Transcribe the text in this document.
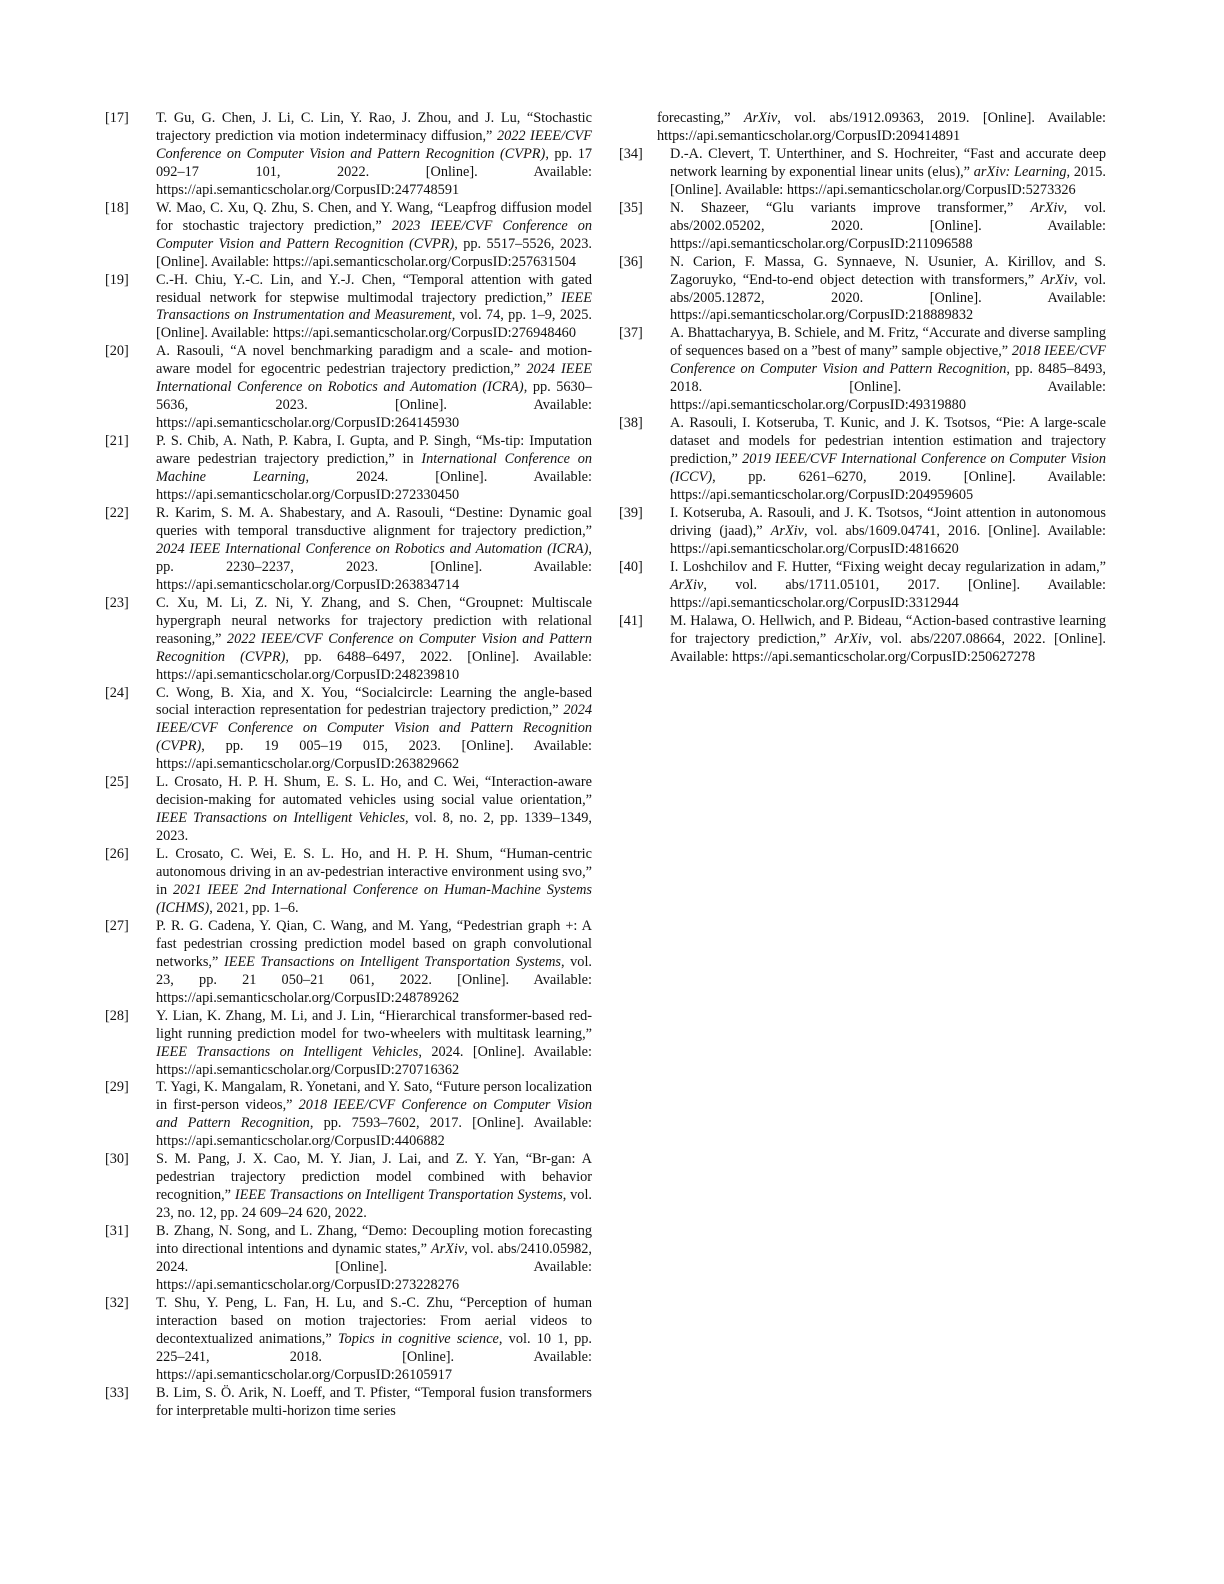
[17] T. Gu, G. Chen, J. Li, C. Lin, Y. Rao, J. Zhou, and J. Lu, “Stochastic trajectory prediction via motion indeterminacy diffusion,” 2022 IEEE/CVF Conference on Computer Vision and Pattern Recognition (CVPR), pp. 17 092–17 101, 2022. [Online]. Available: https://api.semanticscholar.org/CorpusID:247748591
[18] W. Mao, C. Xu, Q. Zhu, S. Chen, and Y. Wang, “Leapfrog diffusion model for stochastic trajectory prediction,” 2023 IEEE/CVF Conference on Computer Vision and Pattern Recognition (CVPR), pp. 5517–5526, 2023. [Online]. Available: https://api.semanticscholar.org/CorpusID:257631504
[19] C.-H. Chiu, Y.-C. Lin, and Y.-J. Chen, “Temporal attention with gated residual network for stepwise multimodal trajectory prediction,” IEEE Transactions on Instrumentation and Measurement, vol. 74, pp. 1–9, 2025. [Online]. Available: https://api.semanticscholar.org/CorpusID:276948460
[20] A. Rasouli, “A novel benchmarking paradigm and a scale- and motion-aware model for egocentric pedestrian trajectory prediction,” 2024 IEEE International Conference on Robotics and Automation (ICRA), pp. 5630–5636, 2023. [Online]. Available: https://api.semanticscholar.org/CorpusID:264145930
[21] P. S. Chib, A. Nath, P. Kabra, I. Gupta, and P. Singh, “Ms-tip: Imputation aware pedestrian trajectory prediction,” in International Conference on Machine Learning, 2024. [Online]. Available: https://api.semanticscholar.org/CorpusID:272330450
[22] R. Karim, S. M. A. Shabestary, and A. Rasouli, “Destine: Dynamic goal queries with temporal transductive alignment for trajectory prediction,” 2024 IEEE International Conference on Robotics and Automation (ICRA), pp. 2230–2237, 2023. [Online]. Available: https://api.semanticscholar.org/CorpusID:263834714
[23] C. Xu, M. Li, Z. Ni, Y. Zhang, and S. Chen, “Groupnet: Multiscale hypergraph neural networks for trajectory prediction with relational reasoning,” 2022 IEEE/CVF Conference on Computer Vision and Pattern Recognition (CVPR), pp. 6488–6497, 2022. [Online]. Available: https://api.semanticscholar.org/CorpusID:248239810
[24] C. Wong, B. Xia, and X. You, “Socialcircle: Learning the angle-based social interaction representation for pedestrian trajectory prediction,” 2024 IEEE/CVF Conference on Computer Vision and Pattern Recognition (CVPR), pp. 19 005–19 015, 2023. [Online]. Available: https://api.semanticscholar.org/CorpusID:263829662
[25] L. Crosato, H. P. H. Shum, E. S. L. Ho, and C. Wei, “Interaction-aware decision-making for automated vehicles using social value orientation,” IEEE Transactions on Intelligent Vehicles, vol. 8, no. 2, pp. 1339–1349, 2023.
[26] L. Crosato, C. Wei, E. S. L. Ho, and H. P. H. Shum, “Human-centric autonomous driving in an av-pedestrian interactive environment using svo,” in 2021 IEEE 2nd International Conference on Human-Machine Systems (ICHMS), 2021, pp. 1–6.
[27] P. R. G. Cadena, Y. Qian, C. Wang, and M. Yang, “Pedestrian graph +: A fast pedestrian crossing prediction model based on graph convolutional networks,” IEEE Transactions on Intelligent Transportation Systems, vol. 23, pp. 21 050–21 061, 2022. [Online]. Available: https://api.semanticscholar.org/CorpusID:248789262
[28] Y. Lian, K. Zhang, M. Li, and J. Lin, “Hierarchical transformer-based red-light running prediction model for two-wheelers with multitask learning,” IEEE Transactions on Intelligent Vehicles, 2024. [Online]. Available: https://api.semanticscholar.org/CorpusID:270716362
[29] T. Yagi, K. Mangalam, R. Yonetani, and Y. Sato, “Future person localization in first-person videos,” 2018 IEEE/CVF Conference on Computer Vision and Pattern Recognition, pp. 7593–7602, 2017. [Online]. Available: https://api.semanticscholar.org/CorpusID:4406882
[30] S. M. Pang, J. X. Cao, M. Y. Jian, J. Lai, and Z. Y. Yan, “Br-gan: A pedestrian trajectory prediction model combined with behavior recognition,” IEEE Transactions on Intelligent Transportation Systems, vol. 23, no. 12, pp. 24 609–24 620, 2022.
[31] B. Zhang, N. Song, and L. Zhang, “Demo: Decoupling motion forecasting into directional intentions and dynamic states,” ArXiv, vol. abs/2410.05982, 2024. [Online]. Available: https://api.semanticscholar.org/CorpusID:273228276
[32] T. Shu, Y. Peng, L. Fan, H. Lu, and S.-C. Zhu, “Perception of human interaction based on motion trajectories: From aerial videos to decontextualized animations,” Topics in cognitive science, vol. 10 1, pp. 225–241, 2018. [Online]. Available: https://api.semanticscholar.org/CorpusID:26105917
[33] B. Lim, S. Ö. Arik, N. Loeff, and T. Pfister, “Temporal fusion transformers for interpretable multi-horizon time series
forecasting,” ArXiv, vol. abs/1912.09363, 2019. [Online]. Available: https://api.semanticscholar.org/CorpusID:209414891
[34] D.-A. Clevert, T. Unterthiner, and S. Hochreiter, “Fast and accurate deep network learning by exponential linear units (elus),” arXiv: Learning, 2015. [Online]. Available: https://api.semanticscholar.org/CorpusID:5273326
[35] N. Shazeer, “Glu variants improve transformer,” ArXiv, vol. abs/2002.05202, 2020. [Online]. Available: https://api.semanticscholar.org/CorpusID:211096588
[36] N. Carion, F. Massa, G. Synnaeve, N. Usunier, A. Kirillov, and S. Zagoruyko, “End-to-end object detection with transformers,” ArXiv, vol. abs/2005.12872, 2020. [Online]. Available: https://api.semanticscholar.org/CorpusID:218889832
[37] A. Bhattacharyya, B. Schiele, and M. Fritz, “Accurate and diverse sampling of sequences based on a ”best of many” sample objective,” 2018 IEEE/CVF Conference on Computer Vision and Pattern Recognition, pp. 8485–8493, 2018. [Online]. Available: https://api.semanticscholar.org/CorpusID:49319880
[38] A. Rasouli, I. Kotseruba, T. Kunic, and J. K. Tsotsos, “Pie: A large-scale dataset and models for pedestrian intention estimation and trajectory prediction,” 2019 IEEE/CVF International Conference on Computer Vision (ICCV), pp. 6261–6270, 2019. [Online]. Available: https://api.semanticscholar.org/CorpusID:204959605
[39] I. Kotseruba, A. Rasouli, and J. K. Tsotsos, “Joint attention in autonomous driving (jaad),” ArXiv, vol. abs/1609.04741, 2016. [Online]. Available: https://api.semanticscholar.org/CorpusID:4816620
[40] I. Loshchilov and F. Hutter, “Fixing weight decay regularization in adam,” ArXiv, vol. abs/1711.05101, 2017. [Online]. Available: https://api.semanticscholar.org/CorpusID:3312944
[41] M. Halawa, O. Hellwich, and P. Bideau, “Action-based contrastive learning for trajectory prediction,” ArXiv, vol. abs/2207.08664, 2022. [Online]. Available: https://api.semanticscholar.org/CorpusID:250627278
